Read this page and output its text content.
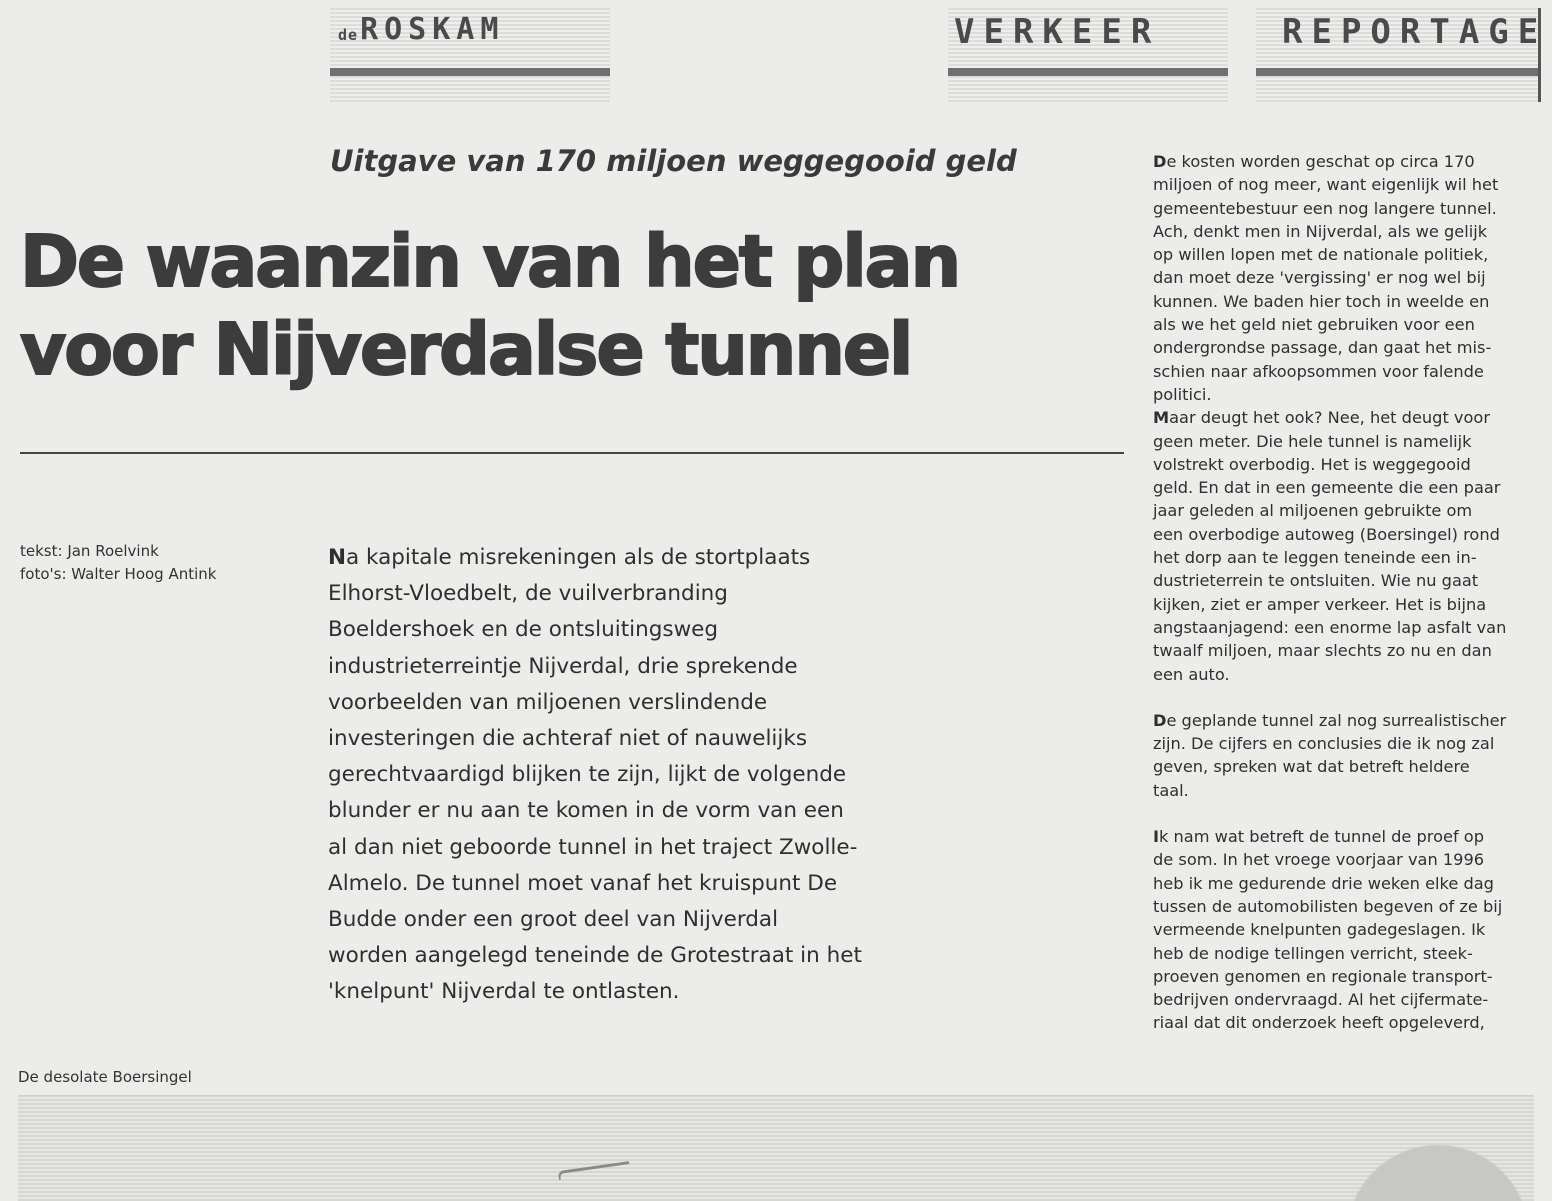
$^{de}$ROSKAM	VERKEER	REPORTAGE
Uitgave van 170 miljoen weggegooid geld
De waanzin van het plan
voor Nijverdalse tunnel
tekst: Jan Roelvink
foto's: Walter Hoog Antink

Na kapitale misrekeningen als de stortplaats

Elhorst-Vloedbelt, de vuilverbranding

Boeldershoek en de ontsluitingsweg

industrieterreintje Nijverdal, drie sprekende

voorbeelden van miljoenen verslindende

investeringen die achteraf niet of nauwelijks

gerechtvaardigd blijken te zijn, lijkt de volgende

blunder er nu aan te komen in de vorm van een

al dan niet geboorde tunnel in het traject Zwolle-

Almelo. De tunnel moet vanaf het kruispunt De

Budde onder een groot deel van Nijverdal

worden aangelegd teneinde de Grotestraat in het

'knelpunt' Nijverdal te ontlasten.

De kosten worden geschat op circa 170
miljoen of nog meer, want eigenlijk wil het
gemeentebestuur een nog langere tunnel.
Ach, denkt men in Nijverdal, als we gelijk
op willen lopen met de nationale politiek,
dan moet deze 'vergissing' er nog wel bij
kunnen. We baden hier toch in weelde en
als we het geld niet gebruiken voor een
ondergrondse passage, dan gaat het mis-
schien naar afkoopsommen voor falende
politici.
Maar deugt het ook? Nee, het deugt voor
geen meter. Die hele tunnel is namelijk
volstrekt overbodig. Het is weggegooid
geld. En dat in een gemeente die een paar
jaar geleden al miljoenen gebruikte om
een overbodige autoweg (Boersingel) rond
het dorp aan te leggen teneinde een in-
dustrieterrein te ontsluiten. Wie nu gaat
kijken, ziet er amper verkeer. Het is bijna
angstaanjagend: een enorme lap asfalt van
twaalf miljoen, maar slechts zo nu en dan
een auto.
De geplande tunnel zal nog surrealistischer
zijn. De cijfers en conclusies die ik nog zal
geven, spreken wat dat betreft heldere
taal.
Ik nam wat betreft de tunnel de proef op
de som. In het vroege voorjaar van 1996
heb ik me gedurende drie weken elke dag
tussen de automobilisten begeven of ze bij
vermeende knelpunten gadegeslagen. Ik
heb de nodige tellingen verricht, steek-
proeven genomen en regionale transport-
bedrijven ondervraagd. Al het cijfermate-
riaal dat dit onderzoek heeft opgeleverd,
De desolate Boersingel
